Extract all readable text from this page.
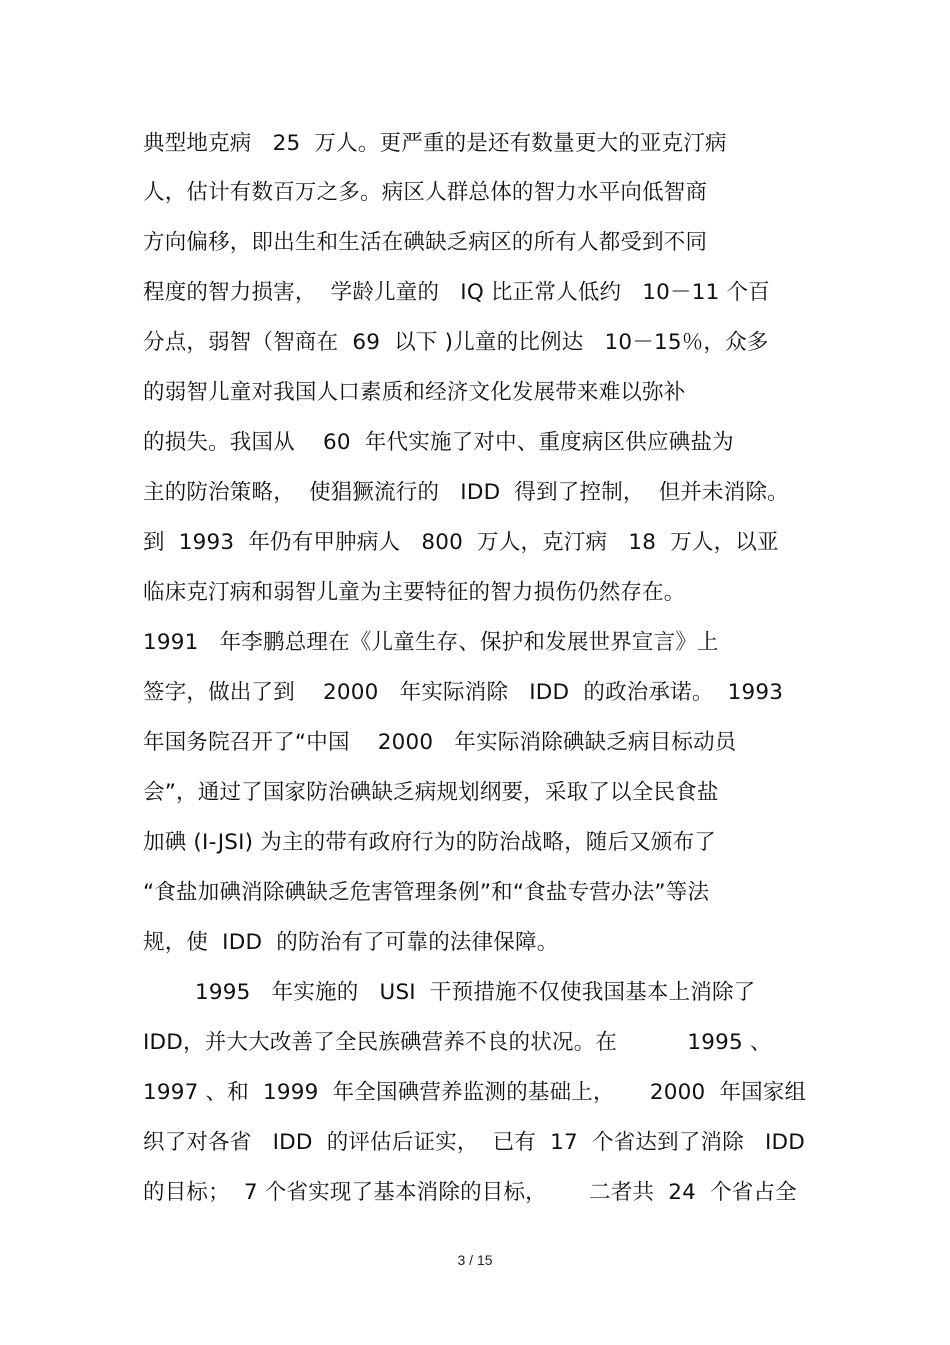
典型地克病   25  万人。更严重的是还有数量更大的亚克汀病
人，估计有数百万之多。病区人群总体的智力水平向低智商
方向偏移，即出生和生活在碘缺乏病区的所有人都受到不同
程度的智力损害，  学龄儿童的   IQ 比正常人低约   10－11 个百
分点，弱智（智商在  69  以下 )儿童的比例达   10－15％，众多
的弱智儿童对我国人口素质和经济文化发展带来难以弥补
的损失。我国从    60  年代实施了对中、重度病区供应碘盐为
主的防治策略，  使猖獗流行的   IDD  得到了控制，  但并未消除。
到  1993  年仍有甲肿病人   800  万人，克汀病   18  万人，以亚
临床克汀病和弱智儿童为主要特征的智力损伤仍然存在。
1991   年李鹏总理在《儿童生存、保护和发展世界宣言》上
签字，做出了到    2000   年实际消除   IDD  的政治承诺。  1993
年国务院召开了“中国    2000   年实际消除碘缺乏病目标动员
会”，通过了国家防治碘缺乏病规划纲要，采取了以全民食盐
加碘 (I-JSI) 为主的带有政府行为的防治战略，随后又颁布了
“食盐加碘消除碘缺乏危害管理条例”和“食盐专营办法”等法
规，使  IDD  的防治有了可靠的法律保障。
1995   年实施的   USI  干预措施不仅使我国基本上消除了
IDD，并大大改善了全民族碘营养不良的状况。在          1995 、
1997 、和  1999  年全国碘营养监测的基础上，     2000  年国家组
织了对各省   IDD  的评估后证实，  已有  17  个省达到了消除   IDD
的目标；  7 个省实现了基本消除的目标，      二者共  24  个省占全
3 / 15
